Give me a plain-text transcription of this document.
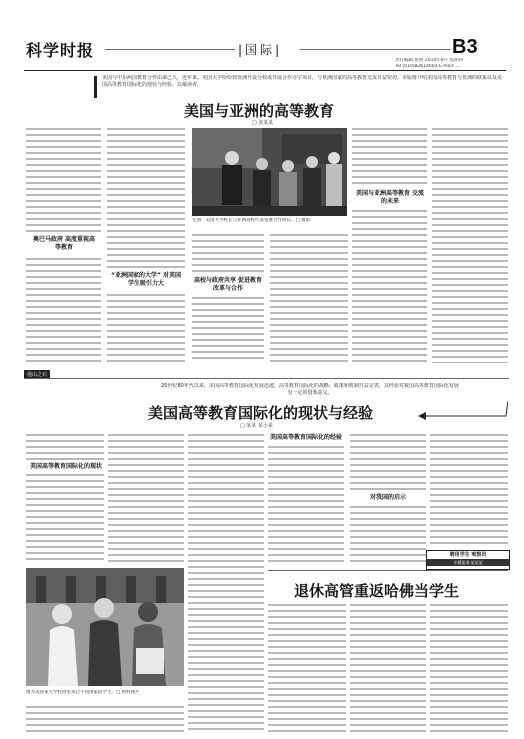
科学时报	|国际|	B3
责任编辑 张明 2010年8月 星期四
Tel (010)82614603 E-mail: ...
美国与中东两国教育合作由来已久，近年来，美国大学纷纷到亚洲开设分校或开展合作办学项目，与亚洲国家的高等教育交流日益密切。本版将介绍美国高等教育与亚洲的联系以及美国高等教育国际化的现状与经验，以飨读者。
美国与亚洲的高等教育
□ 张某某
奥巴马政府 高度重视高等教育
“亚洲国家的大学” 对美国学生吸引力大
左图：美国大学校长与亚洲高校代表签署合作协议。□ 摄影
高校与政府共享 促进教育改革与合作
美国与亚洲高等教育 交流的未来
他山之石
20世纪80年代以来，美国高等教育国际化发展迅速，高等教育国际化的战略、政策和机制日益完善，其经验对我国高等教育国际化发展有一定的借鉴意义。
美国高等教育国际化的现状与经验
□ 某某 某小某
美国高等教育国际化的现状
美国高等教育国际化的经验
对我国的启示
聘用学生 观察员
专题报道·某某某
图为美国某大学校园里来自不同国家的学生。□ 资料图片
退休高管重返哈佛当学生
